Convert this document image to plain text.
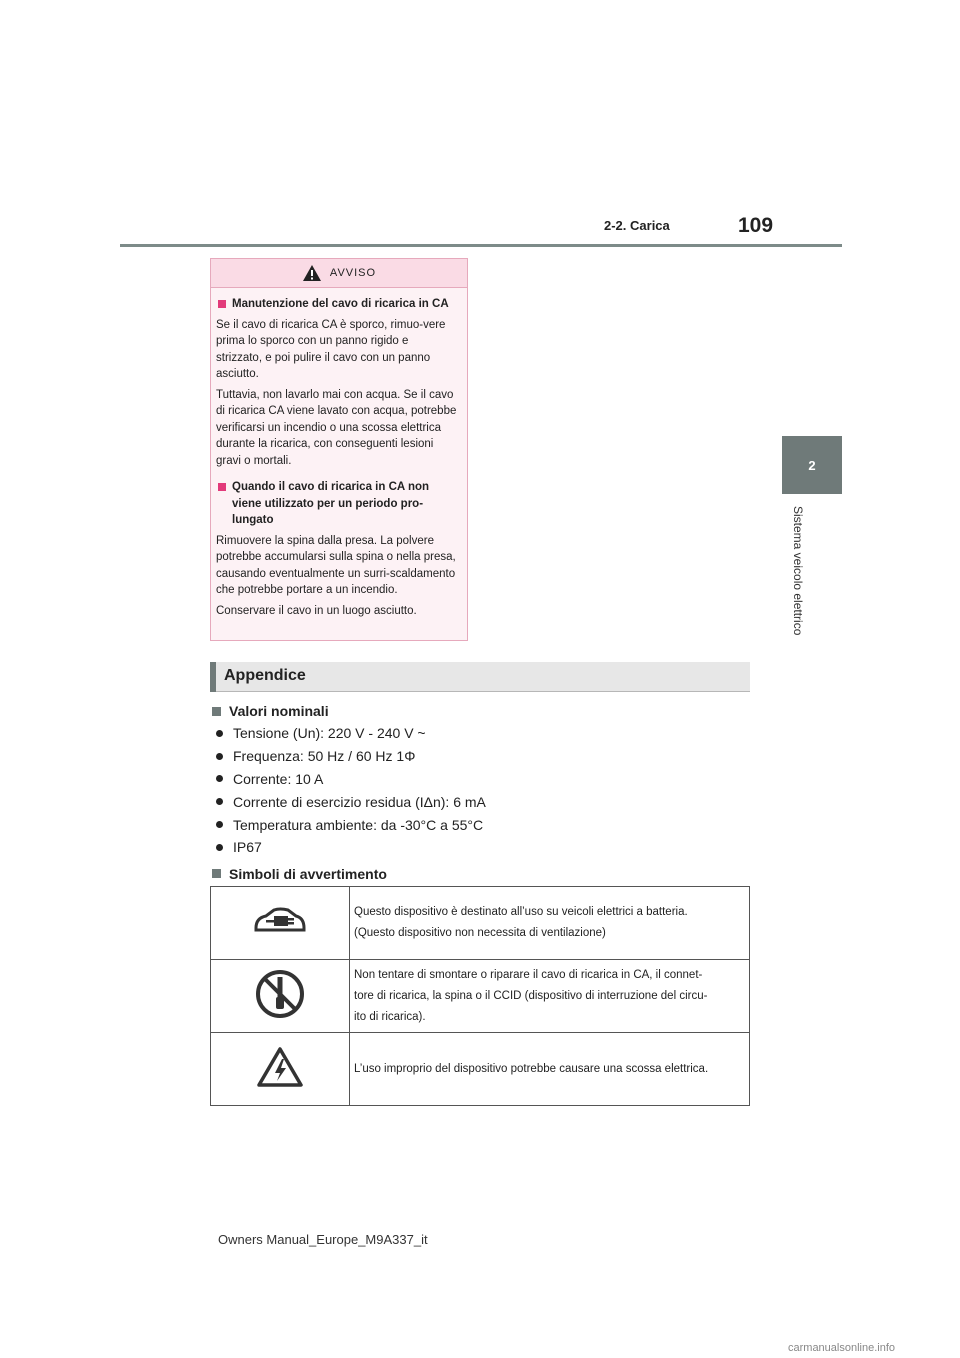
2-2. Carica	109
2
Sistema veicolo elettrico
AVVISO
Manutenzione del cavo di ricarica in CA

Se il cavo di ricarica CA è sporco, rimuo-vere prima lo sporco con un panno rigido e strizzato, e poi pulire il cavo con un panno asciutto.

Tuttavia, non lavarlo mai con acqua. Se il cavo di ricarica CA viene lavato con acqua, potrebbe verificarsi un incendio o una scossa elettrica durante la ricarica, con conseguenti lesioni gravi o mortali.

Quando il cavo di ricarica in CA non viene utilizzato per un periodo pro-lungato

Rimuovere la spina dalla presa. La polvere potrebbe accumularsi sulla spina o nella presa, causando eventualmente un surri-scaldamento che potrebbe portare a un incendio.

Conservare il cavo in un luogo asciutto.

Appendice
Valori nominali
Tensione (Un): 220 V - 240 V ~
Frequenza: 50 Hz / 60 Hz 1Φ
Corrente: 10 A
Corrente di esercizio residua (IΔn): 6 mA
Temperatura ambiente: da -30°C a 55°C
IP67
Simboli di avvertimento

Questo dispositivo è destinato all’uso su veicoli elettrici a batteria.
(Questo dispositivo non necessita di ventilazione)

Non tentare di smontare o riparare il cavo di ricarica in CA, il connet-
tore di ricarica, la spina o il CCID (dispositivo di interruzione del circu-
ito di ricarica).

L’uso improprio del dispositivo potrebbe causare una scossa elettrica.
Owners Manual_Europe_M9A337_it
carmanualsonline.info
